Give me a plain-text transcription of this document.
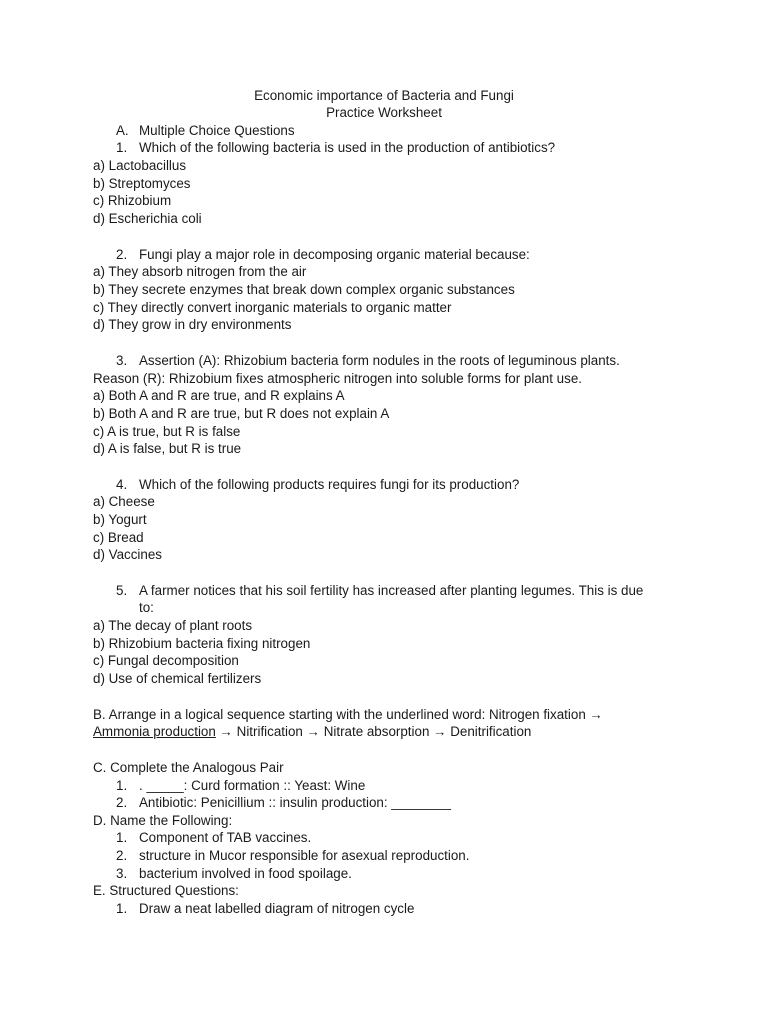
Economic importance of Bacteria and Fungi
Practice Worksheet
A. Multiple Choice Questions
1. Which of the following bacteria is used in the production of antibiotics?
a) Lactobacillus
b) Streptomyces
c) Rhizobium
d) Escherichia coli
2. Fungi play a major role in decomposing organic material because:
a) They absorb nitrogen from the air
b) They secrete enzymes that break down complex organic substances
c) They directly convert inorganic materials to organic matter
d) They grow in dry environments
3. Assertion (A): Rhizobium bacteria form nodules in the roots of leguminous plants.
Reason (R): Rhizobium fixes atmospheric nitrogen into soluble forms for plant use.
a) Both A and R are true, and R explains A
b) Both A and R are true, but R does not explain A
c) A is true, but R is false
d) A is false, but R is true
4. Which of the following products requires fungi for its production?
a) Cheese
b) Yogurt
c) Bread
d) Vaccines
5. A farmer notices that his soil fertility has increased after planting legumes. This is due
to:
a) The decay of plant roots
b) Rhizobium bacteria fixing nitrogen
c) Fungal decomposition
d) Use of chemical fertilizers
B. Arrange in a logical sequence starting with the underlined word: Nitrogen fixation →
Ammonia production → Nitrification → Nitrate absorption → Denitrification
C. Complete the Analogous Pair
1. . _____: Curd formation :: Yeast: Wine
2. Antibiotic: Penicillium :: insulin production: ________
D. Name the Following:
1. Component of TAB vaccines.
2. structure in Mucor responsible for asexual reproduction.
3. bacterium involved in food spoilage.
E. Structured Questions:
1. Draw a neat labelled diagram of nitrogen cycle
